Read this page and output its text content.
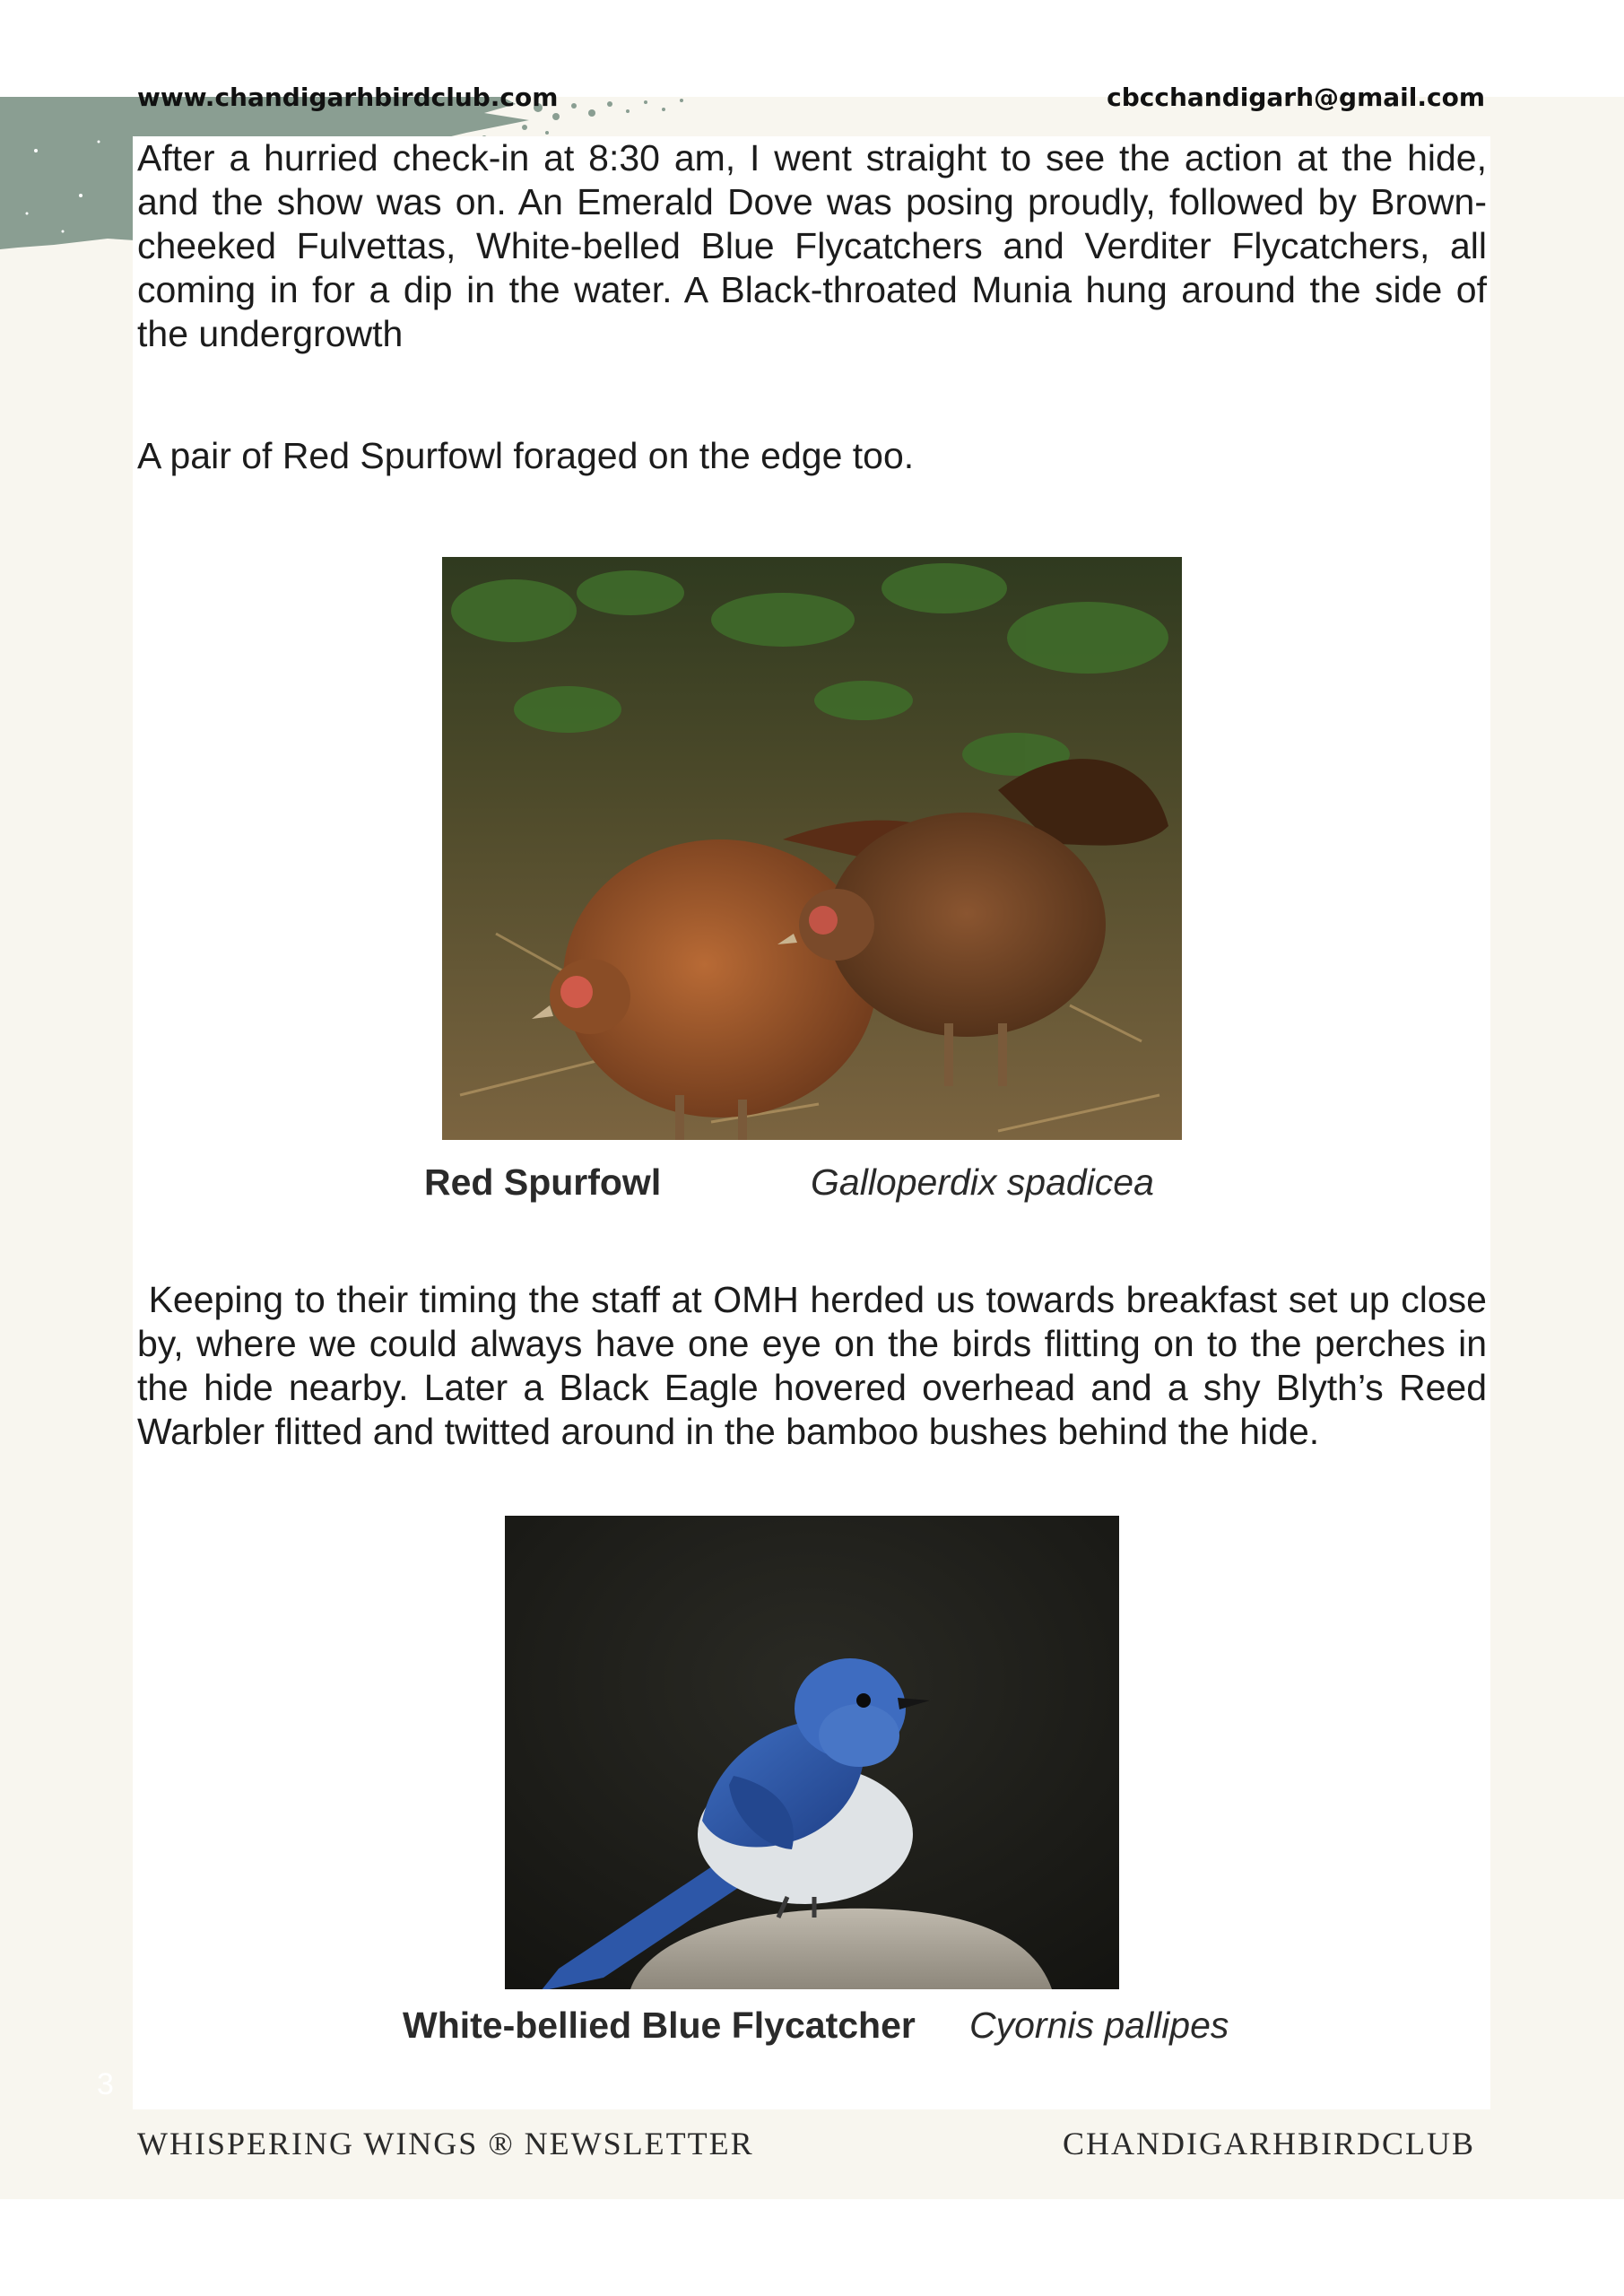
www.chandigarhbirdclub.com	cbcchandigarh@gmail.com

After a hurried check-in at 8:30 am, I went straight to see the action at the hide, and the show was on. An Emerald Dove was posing proudly, followed by Brown-cheeked Fulvettas, White-belled Blue Flycatchers and Verditer Flycatchers, all coming in for a dip in the water. A Black-throated Munia hung around the side of the undergrowth

A pair of Red Spurfowl foraged on the edge too.

Red Spurfowl	Galloperdix spadicea

Keeping to their timing the staff at OMH herded us towards breakfast set up close by, where we could always have one eye on the birds flitting on to the perches in the hide nearby. Later a Black Eagle hovered overhead and a shy Blyth’s Reed Warbler flitted and twitted around in the bamboo bushes behind the hide.

White-bellied Blue Flycatcher Cyornis pallipes
3
WHISPERING WINGS ® NEWSLETTER	CHANDIGARHBIRDCLUB
